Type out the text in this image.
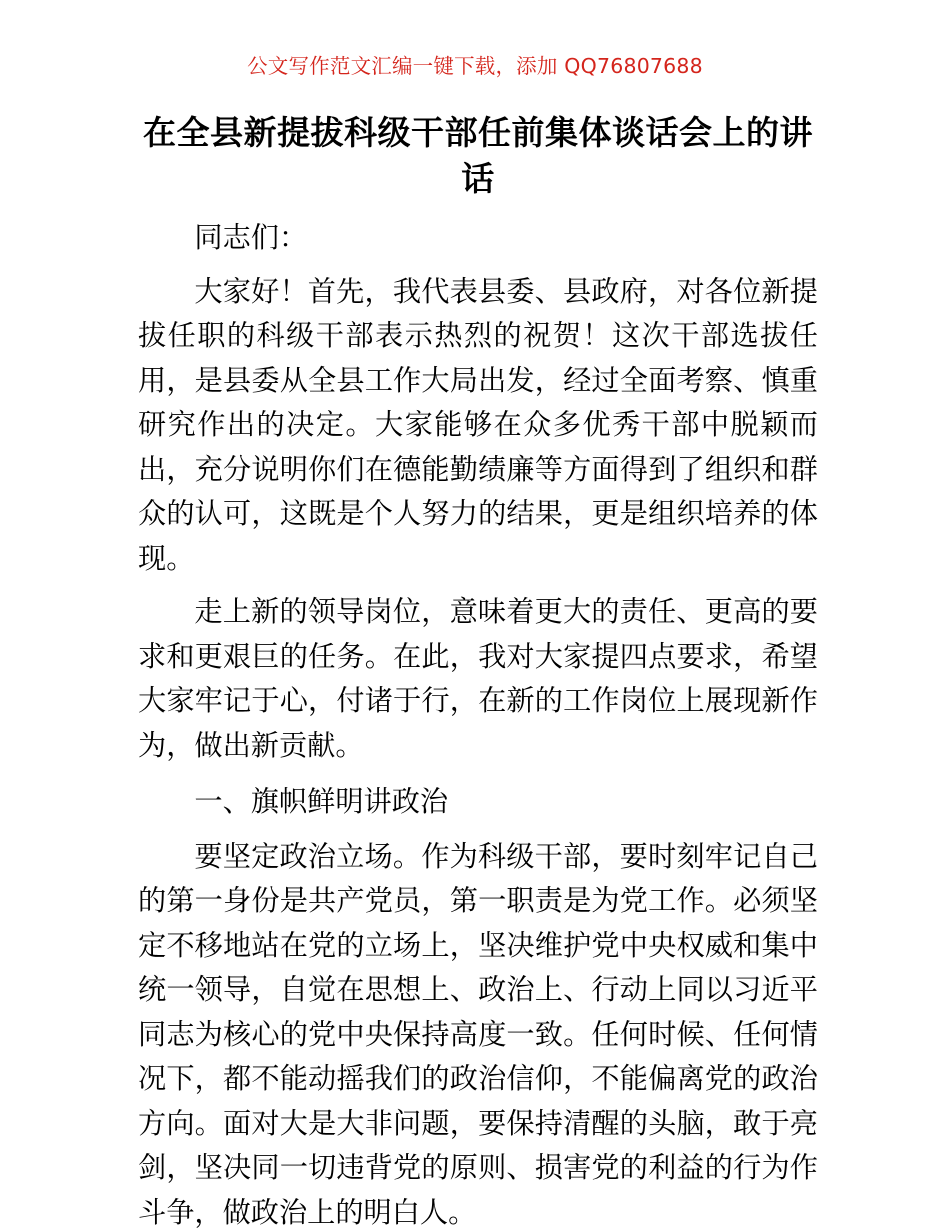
公文写作范文汇编一键下载，添加 QQ76807688
在全县新提拔科级干部任前集体谈话会上的讲话

同志们：

大家好！首先，我代表县委、县政府，对各位新提拔任职的科级干部表示热烈的祝贺！这次干部选拔任用，是县委从全县工作大局出发，经过全面考察、慎重研究作出的决定。大家能够在众多优秀干部中脱颖而出，充分说明你们在德能勤绩廉等方面得到了组织和群众的认可，这既是个人努力的结果，更是组织培养的体现。

走上新的领导岗位，意味着更大的责任、更高的要求和更艰巨的任务。在此，我对大家提四点要求，希望大家牢记于心，付诸于行，在新的工作岗位上展现新作为，做出新贡献。

一、旗帜鲜明讲政治

要坚定政治立场。作为科级干部，要时刻牢记自己的第一身份是共产党员，第一职责是为党工作。必须坚定不移地站在党的立场上，坚决维护党中央权威和集中统一领导，自觉在思想上、政治上、行动上同以习近平同志为核心的党中央保持高度一致。任何时候、任何情况下，都不能动摇我们的政治信仰，不能偏离党的政治方向。面对大是大非问题，要保持清醒的头脑，敢于亮剑，坚决同一切违背党的原则、损害党的利益的行为作斗争，做政治上的明白人。
